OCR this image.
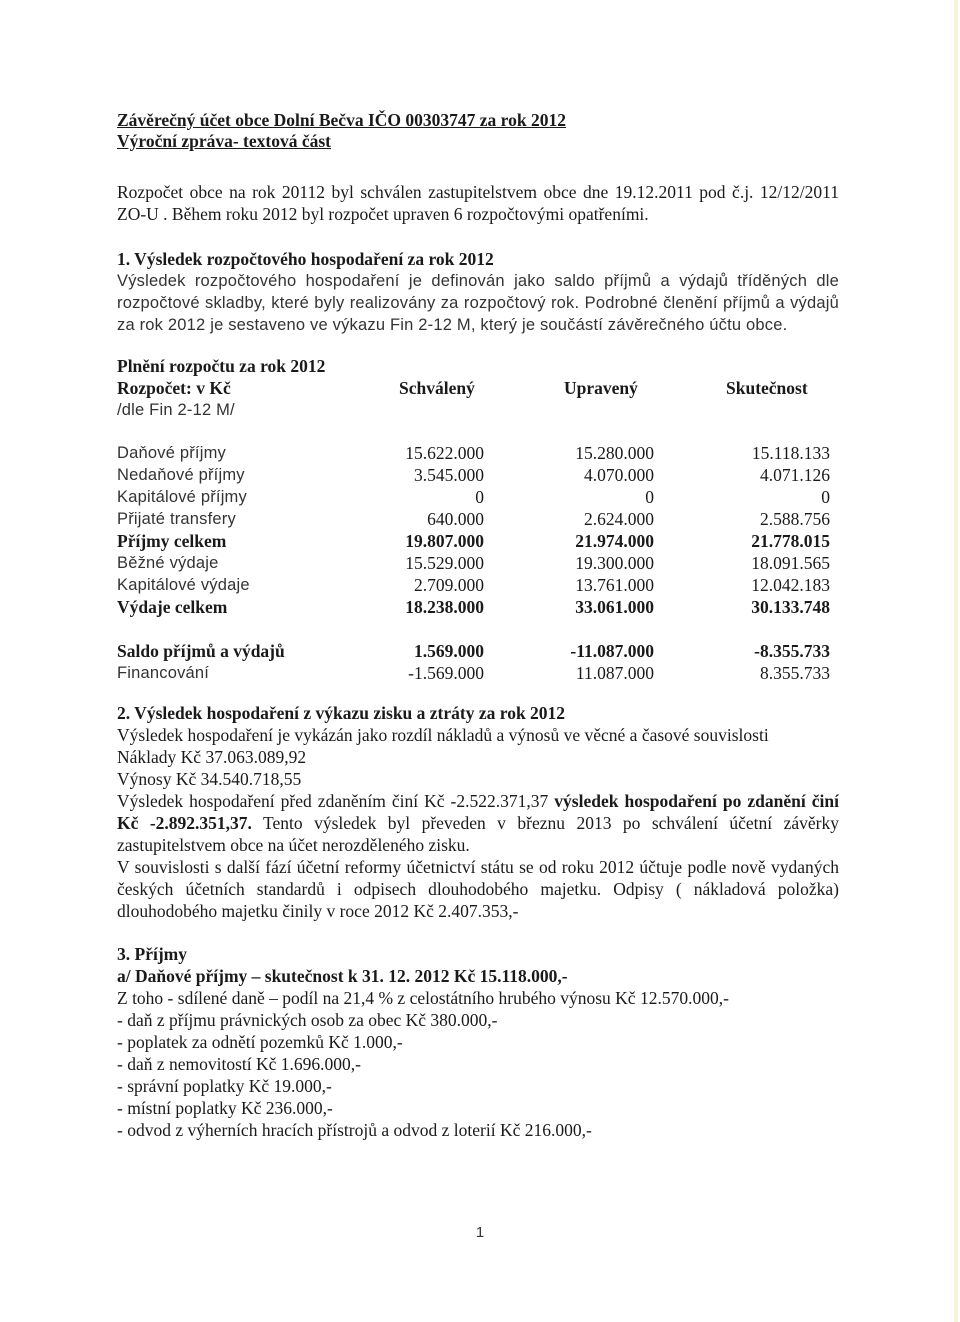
Závěrečný účet obce Dolní Bečva IČO 00303747 za rok 2012
Výroční zpráva- textová část

Rozpočet obce na rok 20112 byl schválen zastupitelstvem obce dne 19.12.2011 pod č.j. 12/12/2011 ZO-U . Během roku 2012 byl rozpočet upraven 6 rozpočtovými opatřeními.

1. Výsledek rozpočtového hospodaření za rok 2012

Výsledek rozpočtového hospodaření je definován jako saldo příjmů a výdajů tříděných dle rozpočtové skladby, které byly realizovány za rozpočtový rok. Podrobné členění příjmů a výdajů za rok 2012 je sestaveno ve výkazu Fin 2-12 M, který je součástí závěrečného účtu obce.

Plnění rozpočtu za rok 2012

Rozpočet: v Kč	Schválený	Upravený	Skutečnost
/dle Fin 2-12 M/			

Daňové příjmy	15.622.000	15.280.000	15.118.133
Nedaňové příjmy	3.545.000	4.070.000	4.071.126
Kapitálové příjmy	0	0	0
Přijaté transfery	640.000	2.624.000	2.588.756
Příjmy celkem	19.807.000	21.974.000	21.778.015
Běžné výdaje	15.529.000	19.300.000	18.091.565
Kapitálové výdaje	2.709.000	13.761.000	12.042.183
Výdaje celkem	18.238.000	33.061.000	30.133.748

Saldo příjmů a výdajů	1.569.000	-11.087.000	-8.355.733
Financování	-1.569.000	11.087.000	8.355.733

2. Výsledek hospodaření z výkazu zisku a ztráty za rok 2012

Výsledek hospodaření je vykázán jako rozdíl nákladů a výnosů ve věcné a časové souvislosti

Náklady Kč 37.063.089,92

Výnosy Kč 34.540.718,55

Výsledek hospodaření před zdaněním činí Kč -2.522.371,37 výsledek hospodaření po zdanění činí Kč -2.892.351,37. Tento výsledek byl převeden v březnu 2013 po schválení účetní závěrky zastupitelstvem obce na účet nerozděleného zisku.

V souvislosti s další fází účetní reformy účetnictví státu se od roku 2012 účtuje podle nově vydaných českých účetních standardů i odpisech dlouhodobého majetku. Odpisy ( nákladová položka) dlouhodobého majetku činily v roce 2012 Kč 2.407.353,-

3. Příjmy

a/ Daňové příjmy – skutečnost k 31. 12. 2012 Kč 15.118.000,-

Z toho - sdílené daně – podíl na 21,4 % z celostátního hrubého výnosu Kč 12.570.000,-

- daň z příjmu právnických osob za obec Kč 380.000,-

- poplatek za odnětí pozemků Kč 1.000,-

- daň z nemovitostí Kč 1.696.000,-

- správní poplatky Kč 19.000,-

- místní poplatky Kč 236.000,-

- odvod z výherních hracích přístrojů a odvod z loterií Kč 216.000,-

1
